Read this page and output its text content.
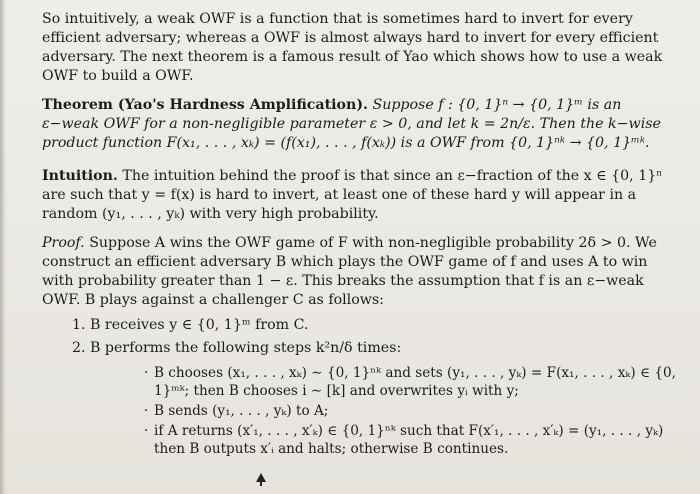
So intuitively, a weak OWF is a function that is sometimes hard to invert for every efficient adversary; whereas a OWF is almost always hard to invert for every efficient adversary. The next theorem is a famous result of Yao which shows how to use a weak OWF to build a OWF.

Theorem (Yao's Hardness Amplification). Suppose f : {0, 1}ⁿ → {0, 1}ᵐ is an ε−weak OWF for a non-negligible parameter ε > 0, and let k = 2n/ε. Then the k−wise product function F(x₁, . . . , xₖ) = (f(x₁), . . . , f(xₖ)) is a OWF from {0, 1}ⁿᵏ → {0, 1}ᵐᵏ.

Intuition. The intuition behind the proof is that since an ε−fraction of the x ∈ {0, 1}ⁿ are such that y = f(x) is hard to invert, at least one of these hard y will appear in a random (y₁, . . . , yₖ) with very high probability.

Proof. Suppose A wins the OWF game of F with non-negligible probability 2δ > 0. We construct an efficient adversary B which plays the OWF game of f and uses A to win with probability greater than 1 − ε. This breaks the assumption that f is an ε−weak OWF. B plays against a challenger C as follows:

1. B receives y ∈ {0, 1}ᵐ from C.
2. B performs the following steps k²n/δ times:
· B chooses (x₁, . . . , xₖ) ∼ {0, 1}ⁿᵏ and sets (y₁, . . . , yₖ) = F(x₁, . . . , xₖ) ∈ {0, 1}ᵐᵏ; then B chooses i ∼ [k] and overwrites yᵢ with y;
· B sends (y₁, . . . , yₖ) to A;
· if A returns (x′₁, . . . , x′ₖ) ∈ {0, 1}ⁿᵏ such that F(x′₁, . . . , x′ₖ) = (y₁, . . . , yₖ) then B outputs x′ᵢ and halts; otherwise B continues.
